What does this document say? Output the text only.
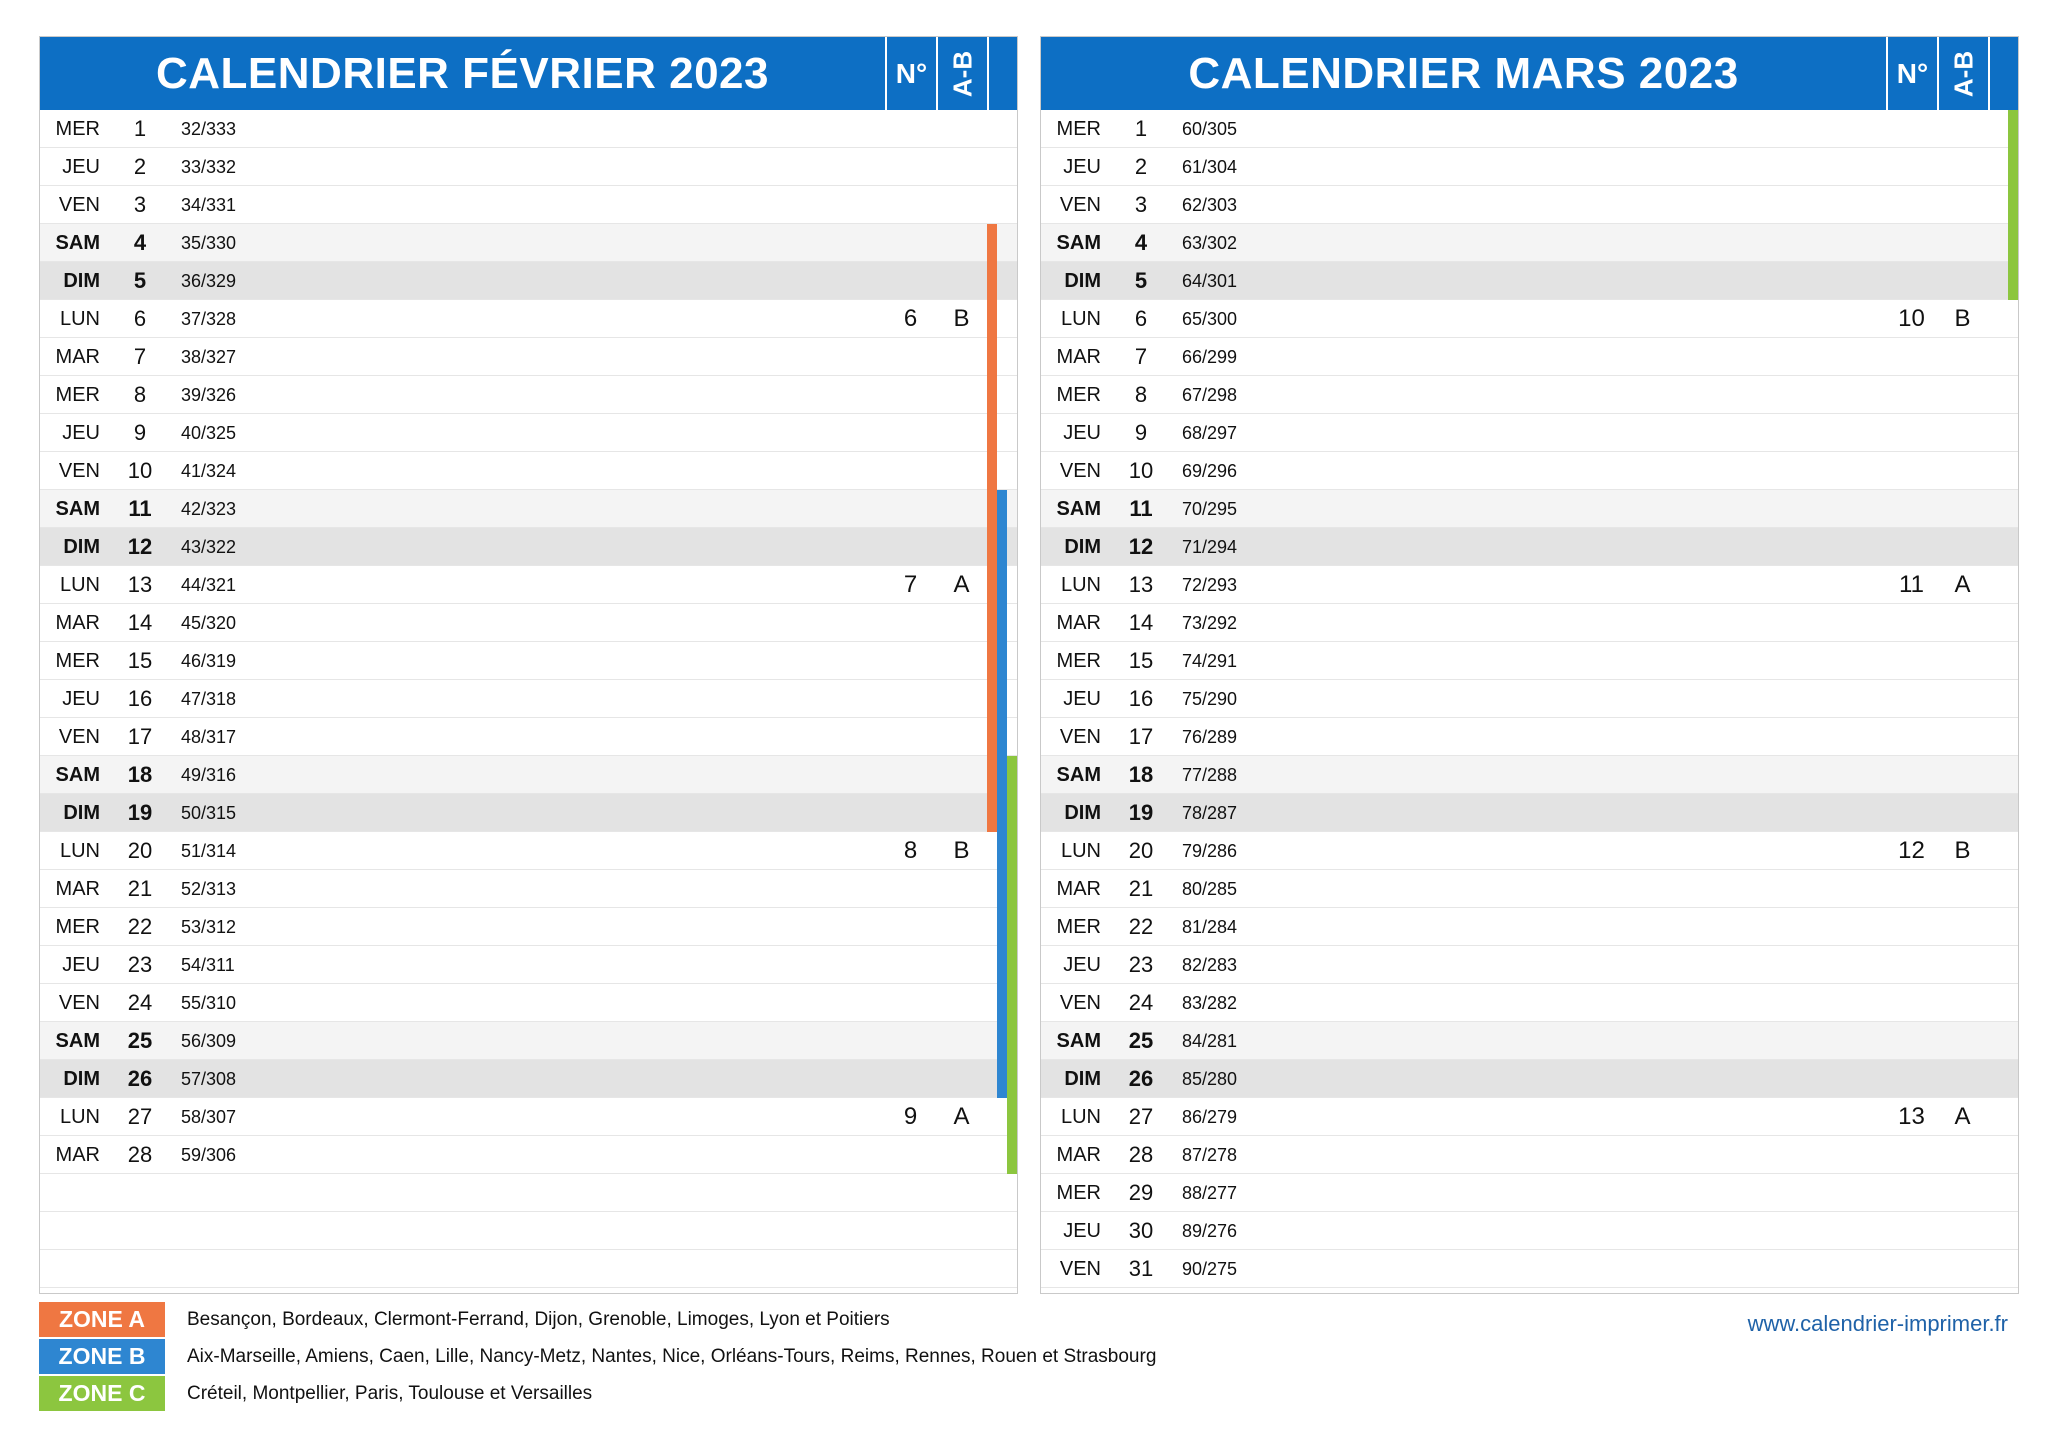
CALENDRIER FÉVRIER 2023	N° A-B
MER	1	32/333
JEU	2	33/332
VEN	3	34/331
SAM	4	35/330
DIM	5	36/329
LUN	6	37/328	6	B
MAR	7	38/327
MER	8	39/326
JEU	9	40/325
VEN	10	41/324
SAM	11	42/323
DIM	12	43/322
LUN	13	44/321	7	A
MAR	14	45/320
MER	15	46/319
JEU	16	47/318
VEN	17	48/317
SAM	18	49/316
DIM	19	50/315
LUN	20	51/314	8	B
MAR	21	52/313
MER	22	53/312
JEU	23	54/311
VEN	24	55/310
SAM	25	56/309
DIM	26	57/308
LUN	27	58/307	9	A
MAR	28	59/306
CALENDRIER MARS 2023	N° A-B
MER	1	60/305
JEU	2	61/304
VEN	3	62/303
SAM	4	63/302
DIM	5	64/301
LUN	6	65/300	10	B
MAR	7	66/299
MER	8	67/298
JEU	9	68/297
VEN	10	69/296
SAM	11	70/295
DIM	12	71/294
LUN	13	72/293	11	A
MAR	14	73/292
MER	15	74/291
JEU	16	75/290
VEN	17	76/289
SAM	18	77/288
DIM	19	78/287
LUN	20	79/286	12	B
MAR	21	80/285
MER	22	81/284
JEU	23	82/283
VEN	24	83/282
SAM	25	84/281
DIM	26	85/280
LUN	27	86/279	13	A
MAR	28	87/278
MER	29	88/277
JEU	30	89/276
VEN	31	90/275
ZONE A	Besançon, Bordeaux, Clermont-Ferrand, Dijon, Grenoble, Limoges, Lyon et Poitiers
ZONE B	Aix-Marseille, Amiens, Caen, Lille, Nancy-Metz, Nantes, Nice, Orléans-Tours, Reims, Rennes, Rouen et Strasbourg
ZONE C	Créteil, Montpellier, Paris, Toulouse et Versailles
www.calendrier-imprimer.fr
